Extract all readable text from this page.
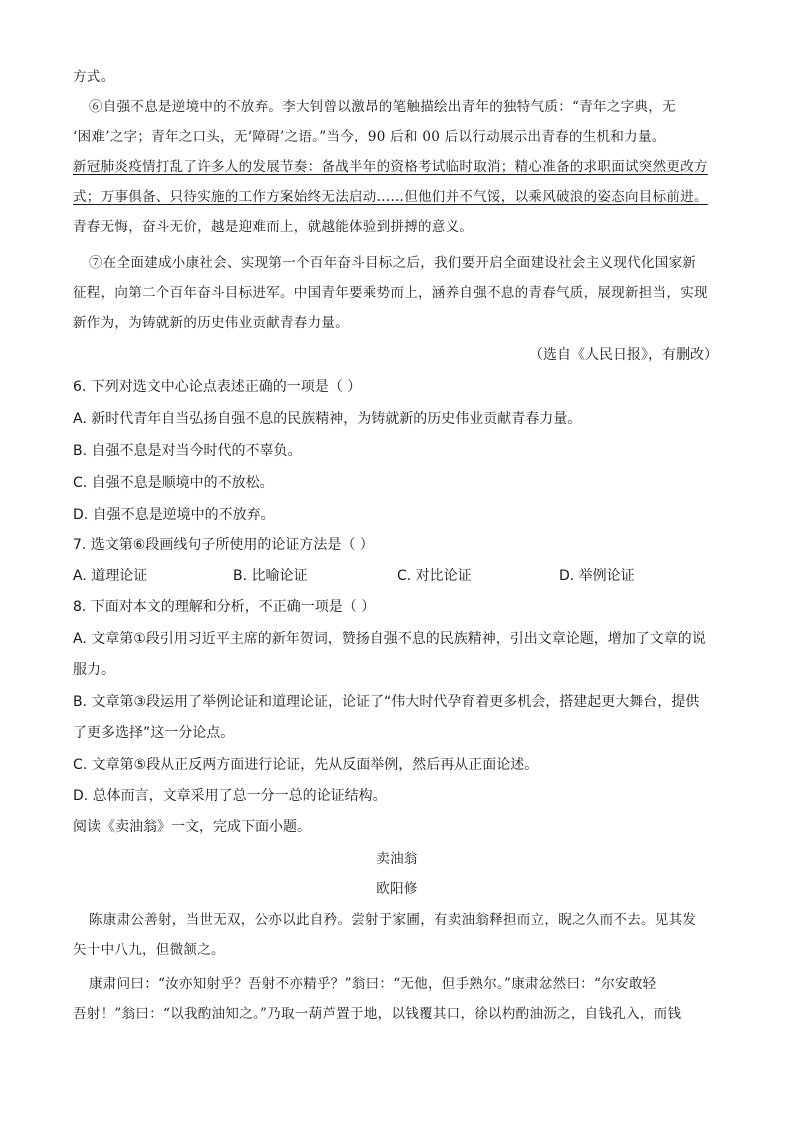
方式。
⑥自强不息是逆境中的不放弃。李大钊曾以激昂的笔触描绘出青年的独特气质：“青年之字典，无
‘困难’之字；青年之口头，无‘障碍’之语。”当今，90 后和 00 后以行动展示出青春的生机和力量。
新冠肺炎疫情打乱了许多人的发展节奏：备战半年的资格考试临时取消；精心准备的求职面试突然更改方
式；万事俱备、只待实施的工作方案始终无法启动……但他们并不气馁，以乘风破浪的姿态向目标前进。
青春无悔，奋斗无价，越是迎难而上，就越能体验到拼搏的意义。
⑦在全面建成小康社会、实现第一个百年奋斗目标之后，我们要开启全面建设社会主义现代化国家新
征程，向第二个百年奋斗目标进军。中国青年要乘势而上，涵养自强不息的青春气质，展现新担当，实现
新作为，为铸就新的历史伟业贡献青春力量。
（选自《人民日报》，有删改）
6. 下列对选文中心论点表述正确的一项是（ ）
A. 新时代青年自当弘扬自强不息的民族精神，为铸就新的历史伟业贡献青春力量。
B. 自强不息是对当今时代的不辜负。
C. 自强不息是顺境中的不放松。
D. 自强不息是逆境中的不放弃。
7. 选文第⑥段画线句子所使用的论证方法是（ ）
A. 道理论证	B. 比喻论证	C. 对比论证	D. 举例论证
8. 下面对本文的理解和分析，不正确一项是（ ）
A. 文章第①段引用习近平主席的新年贺词，赞扬自强不息的民族精神，引出文章论题，增加了文章的说
服力。
B. 文章第③段运用了举例论证和道理论证，论证了“伟大时代孕育着更多机会，搭建起更大舞台，提供
了更多选择”这一分论点。
C. 文章第⑤段从正反两方面进行论证，先从反面举例，然后再从正面论述。
D. 总体而言，文章采用了总一分一总的论证结构。
阅读《卖油翁》一文，完成下面小题。
卖油翁
欧阳修
陈康肃公善射，当世无双，公亦以此自矜。尝射于家圃，有卖油翁释担而立，睨之久而不去。见其发
矢十中八九，但微颔之。
康肃问曰：“汝亦知射乎？吾射不亦精乎？”翁曰：“无他，但手熟尔。”康肃忿然曰：“尔安敢轻
吾射！”翁曰：“以我酌油知之。”乃取一葫芦置于地，以钱覆其口，徐以杓酌油沥之，自钱孔入，而钱
